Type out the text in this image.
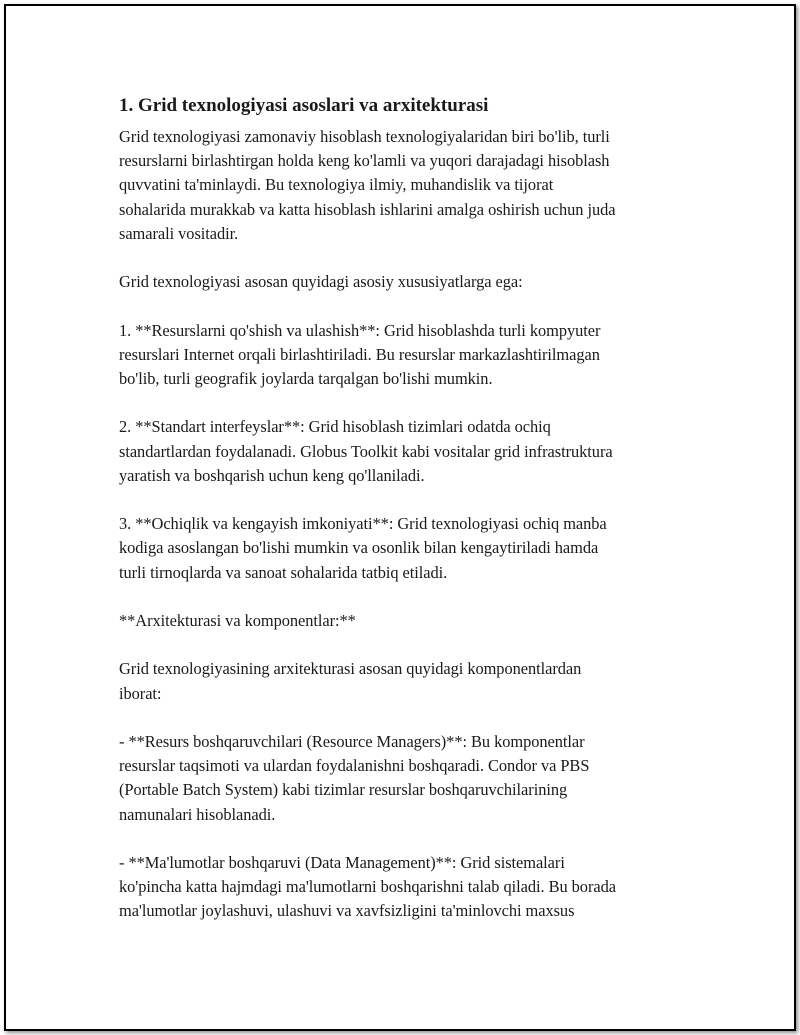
1. Grid texnologiyasi asoslari va arxitekturasi
Grid texnologiyasi zamonaviy hisoblash texnologiyalaridan biri bo'lib, turli
resurslarni birlashtirgan holda keng ko'lamli va yuqori darajadagi hisoblash
quvvatini ta'minlaydi. Bu texnologiya ilmiy, muhandislik va tijorat
sohalarida murakkab va katta hisoblash ishlarini amalga oshirish uchun juda
samarali vositadir.
Grid texnologiyasi asosan quyidagi asosiy xususiyatlarga ega:
1. **Resurslarni qo'shish va ulashish**: Grid hisoblashda turli kompyuter
resurslari Internet orqali birlashtiriladi. Bu resurslar markazlashtirilmagan
bo'lib, turli geografik joylarda tarqalgan bo'lishi mumkin.
2. **Standart interfeyslar**: Grid hisoblash tizimlari odatda ochiq
standartlardan foydalanadi. Globus Toolkit kabi vositalar grid infrastruktura
yaratish va boshqarish uchun keng qo'llaniladi.
3. **Ochiqlik va kengayish imkoniyati**: Grid texnologiyasi ochiq manba
kodiga asoslangan bo'lishi mumkin va osonlik bilan kengaytiriladi hamda
turli tirnoqlarda va sanoat sohalarida tatbiq etiladi.
**Arxitekturasi va komponentlar:**
Grid texnologiyasining arxitekturasi asosan quyidagi komponentlardan
iborat:
- **Resurs boshqaruvchilari (Resource Managers)**: Bu komponentlar
resurslar taqsimoti va ulardan foydalanishni boshqaradi. Condor va PBS
(Portable Batch System) kabi tizimlar resurslar boshqaruvchilarining
namunalari hisoblanadi.
- **Ma'lumotlar boshqaruvi (Data Management)**: Grid sistemalari
ko'pincha katta hajmdagi ma'lumotlarni boshqarishni talab qiladi. Bu borada
ma'lumotlar joylashuvi, ulashuvi va xavfsizligini ta'minlovchi maxsus
